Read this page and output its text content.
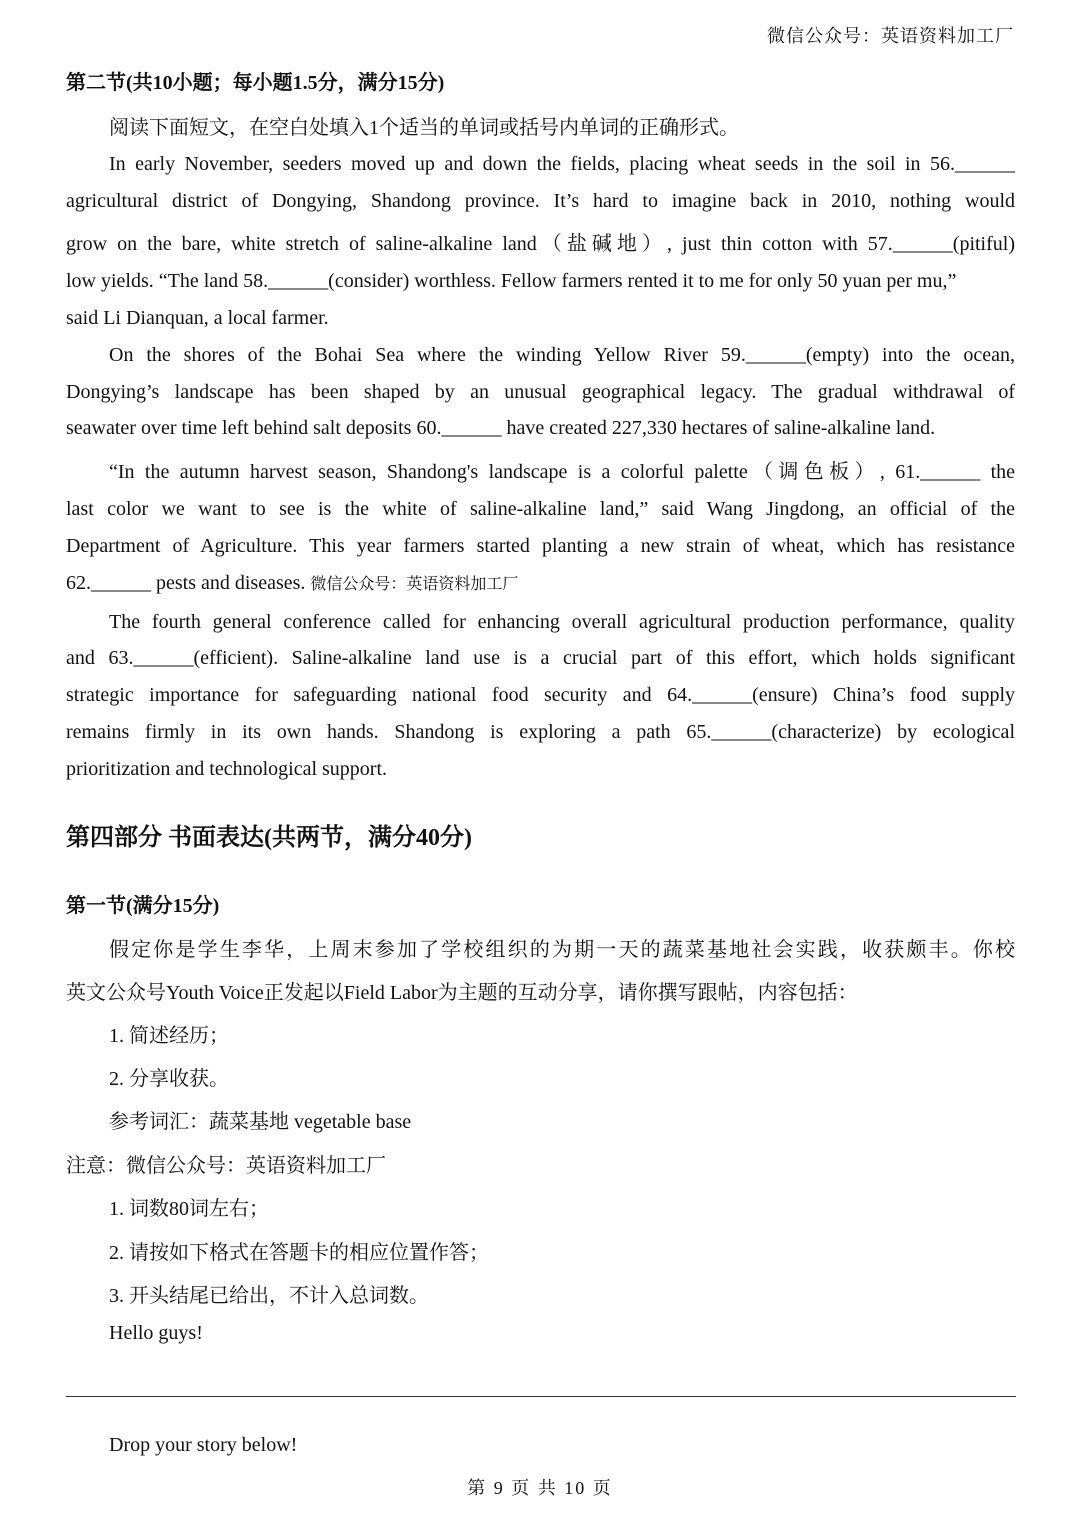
微信公众号：英语资料加工厂
第二节(共10小题；每小题1.5分，满分15分)
阅读下面短文，在空白处填入1个适当的单词或括号内单词的正确形式。
In early November, seeders moved up and down the fields, placing wheat seeds in the soil in 56.______
agricultural district of Dongying, Shandong province. It’s hard to imagine back in 2010, nothing would
grow on the bare, white stretch of saline-alkaline land（盐碱地）, just thin cotton with 57.______(pitiful)
low yields. “The land 58.______(consider) worthless. Fellow farmers rented it to me for only 50 yuan per mu,”
said Li Dianquan, a local farmer.
On the shores of the Bohai Sea where the winding Yellow River 59.______(empty) into the ocean,
Dongying’s landscape has been shaped by an unusual geographical legacy. The gradual withdrawal of
seawater over time left behind salt deposits 60.______ have created 227,330 hectares of saline-alkaline land.
“In the autumn harvest season, Shandong's landscape is a colorful palette（调色板）, 61.______ the
last color we want to see is the white of saline-alkaline land,” said Wang Jingdong, an official of the
Department of Agriculture. This year farmers started planting a new strain of wheat, which has resistance
62.______ pests and diseases. 微信公众号：英语资料加工厂
The fourth general conference called for enhancing overall agricultural production performance, quality
and 63.______(efficient). Saline-alkaline land use is a crucial part of this effort, which holds significant
strategic importance for safeguarding national food security and 64.______(ensure) China’s food supply
remains firmly in its own hands. Shandong is exploring a path 65.______(characterize) by ecological
prioritization and technological support.
第四部分 书面表达(共两节，满分40分)
第一节(满分15分)
假定你是学生李华，上周末参加了学校组织的为期一天的蔬菜基地社会实践，收获颇丰。你校
英文公众号Youth Voice正发起以Field Labor为主题的互动分享，请你撰写跟帖，内容包括：
1. 简述经历；
2. 分享收获。
参考词汇：蔬菜基地 vegetable base
注意：微信公众号：英语资料加工厂
1. 词数80词左右；
2. 请按如下格式在答题卡的相应位置作答；
3. 开头结尾已给出，不计入总词数。
Hello guys!
Drop your story below!
第 9 页 共 10 页
